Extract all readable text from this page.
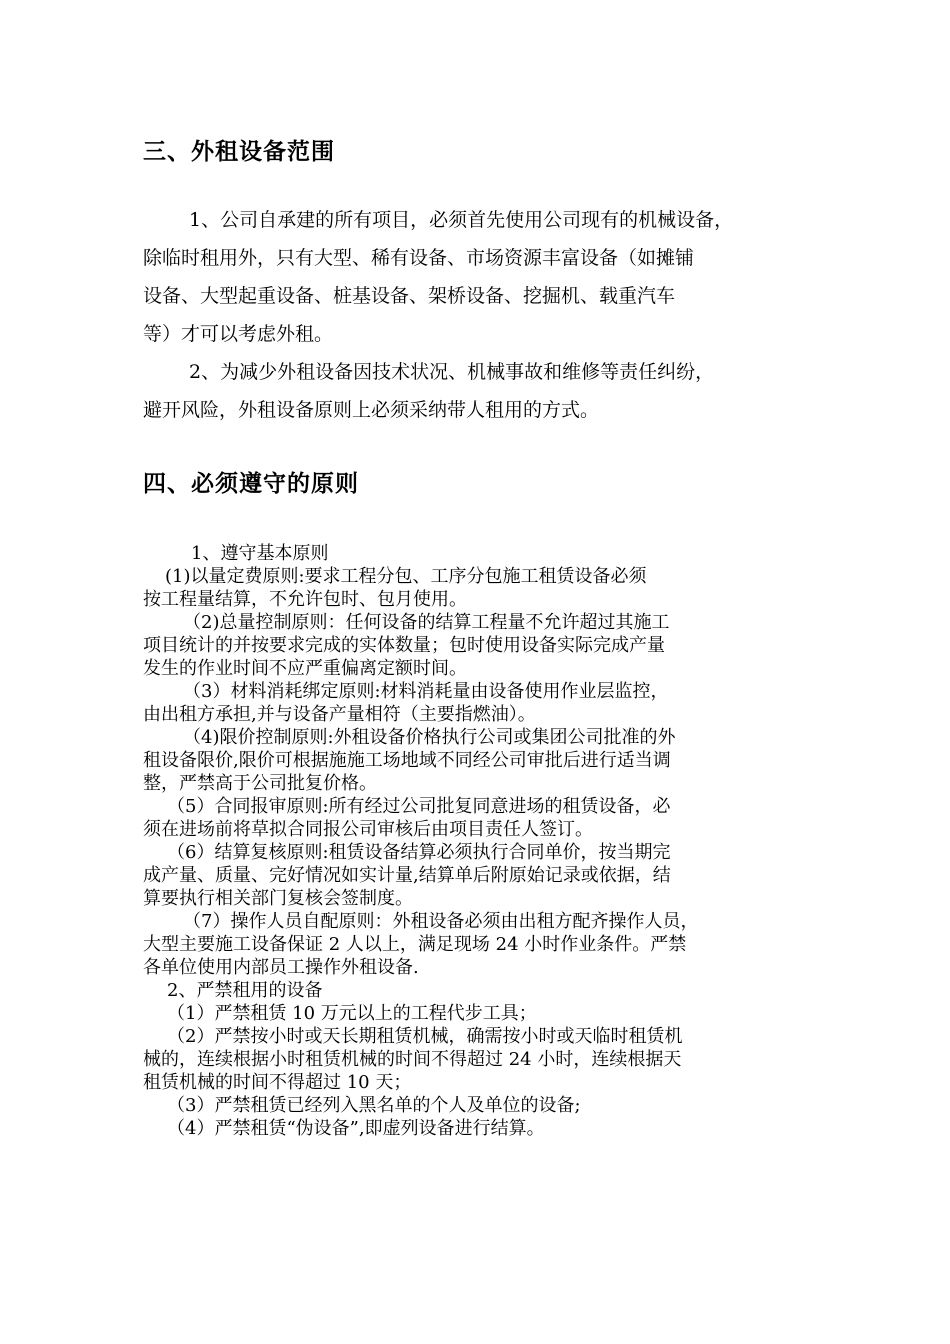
三、外租设备范围
1、公司自承建的所有项目，必须首先使用公司现有的机械设备，
除临时租用外，只有大型、稀有设备、市场资源丰富设备（如摊铺
设备、大型起重设备、桩基设备、架桥设备、挖掘机、载重汽车
等）才可以考虑外租。
2、为减少外租设备因技术状况、机械事故和维修等责任纠纷，
避开风险，外租设备原则上必须采纳带人租用的方式。
四、必须遵守的原则
1、遵守基本原则
(1)以量定费原则:要求工程分包、工序分包施工租赁设备必须
按工程量结算，不允许包时、包月使用。
（2)总量控制原则：任何设备的结算工程量不允许超过其施工
项目统计的并按要求完成的实体数量；包时使用设备实际完成产量
发生的作业时间不应严重偏离定额时间。
（3）材料消耗绑定原则:材料消耗量由设备使用作业层监控，
由出租方承担,并与设备产量相符（主要指燃油）。
（4)限价控制原则:外租设备价格执行公司或集团公司批准的外
租设备限价,限价可根据施施工场地域不同经公司审批后进行适当调
整，严禁高于公司批复价格。
（5）合同报审原则:所有经过公司批复同意进场的租赁设备，必
须在进场前将草拟合同报公司审核后由项目责任人签订。
（6）结算复核原则:租赁设备结算必须执行合同单价，按当期完
成产量、质量、完好情况如实计量,结算单后附原始记录或依据，结
算要执行相关部门复核会签制度。
（7）操作人员自配原则：外租设备必须由出租方配齐操作人员，
大型主要施工设备保证 2 人以上，满足现场 24 小时作业条件。严禁
各单位使用内部员工操作外租设备.
2、严禁租用的设备
（1）严禁租赁 10 万元以上的工程代步工具；
（2）严禁按小时或天长期租赁机械，确需按小时或天临时租赁机
械的，连续根据小时租赁机械的时间不得超过 24 小时，连续根据天
租赁机械的时间不得超过 10 天；
（3）严禁租赁已经列入黑名单的个人及单位的设备;
（4）严禁租赁“伪设备”,即虚列设备进行结算。
